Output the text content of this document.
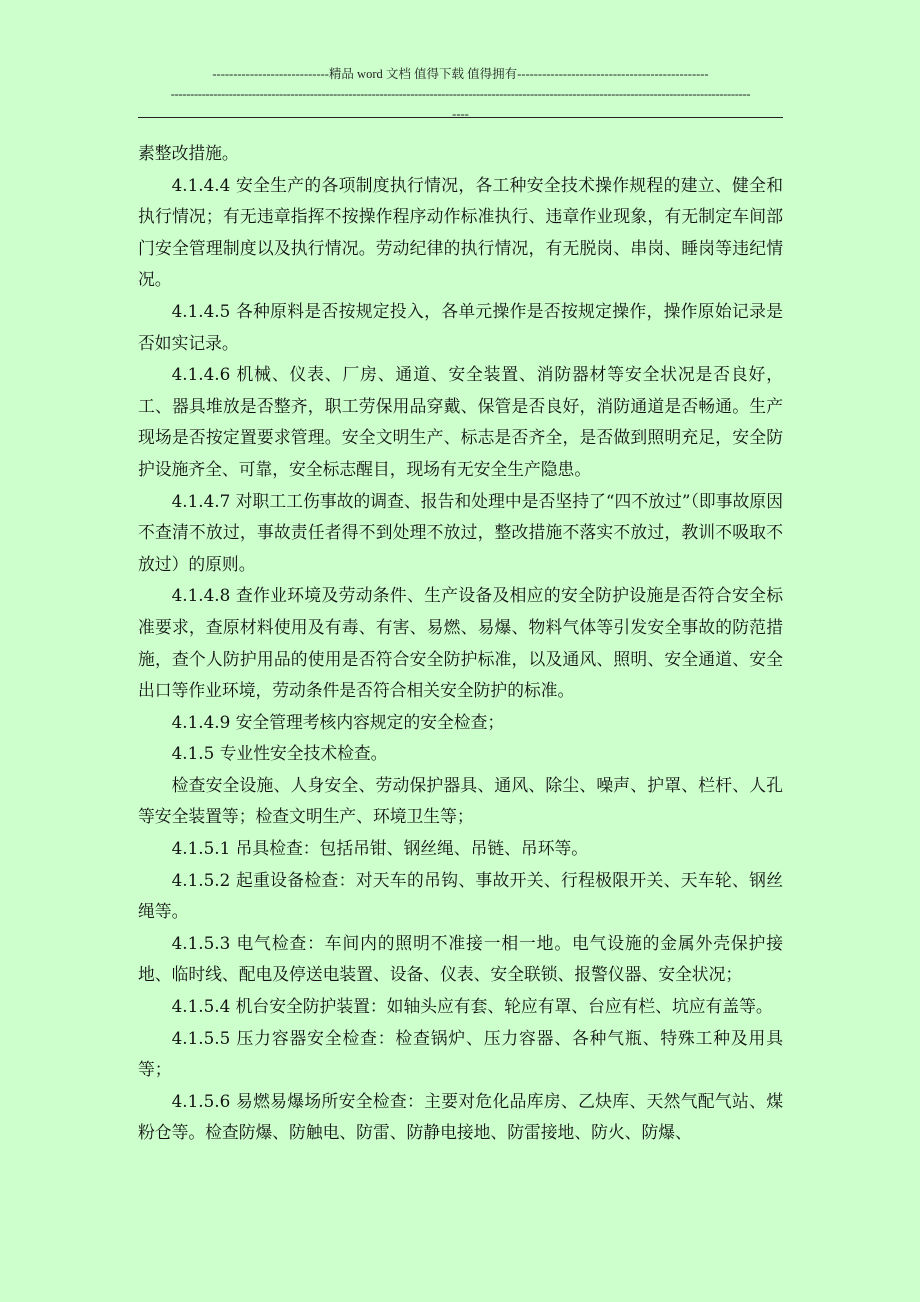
----------------------------精品 word 文档 值得下载 值得拥有----------------------------------------------
------------------------------------------------------------------------------------------------------------------------------------------------------
----

素整改措施。

4.1.4.4 安全生产的各项制度执行情况，各工种安全技术操作规程的建立、健全和执行情况；有无违章指挥不按操作程序动作标准执行、违章作业现象，有无制定车间部门安全管理制度以及执行情况。劳动纪律的执行情况，有无脱岗、串岗、睡岗等违纪情况。

4.1.4.5 各种原料是否按规定投入，各单元操作是否按规定操作，操作原始记录是否如实记录。

4.1.4.6 机械、仪表、厂房、通道、安全装置、消防器材等安全状况是否良好，工、器具堆放是否整齐，职工劳保用品穿戴、保管是否良好，消防通道是否畅通。生产现场是否按定置要求管理。安全文明生产、标志是否齐全，是否做到照明充足，安全防护设施齐全、可靠，安全标志醒目，现场有无安全生产隐患。

4.1.4.7 对职工工伤事故的调查、报告和处理中是否坚持了“四不放过”（即事故原因不查清不放过，事故责任者得不到处理不放过，整改措施不落实不放过，教训不吸取不放过）的原则。

4.1.4.8 查作业环境及劳动条件、生产设备及相应的安全防护设施是否符合安全标准要求，查原材料使用及有毒、有害、易燃、易爆、物料气体等引发安全事故的防范措施，查个人防护用品的使用是否符合安全防护标准，以及通风、照明、安全通道、安全出口等作业环境，劳动条件是否符合相关安全防护的标准。

4.1.4.9 安全管理考核内容规定的安全检查；

4.1.5 专业性安全技术检查。

检查安全设施、人身安全、劳动保护器具、通风、除尘、噪声、护罩、栏杆、人孔等安全装置等；检查文明生产、环境卫生等；

4.1.5.1 吊具检查：包括吊钳、钢丝绳、吊链、吊环等。

4.1.5.2 起重设备检查：对天车的吊钩、事故开关、行程极限开关、天车轮、钢丝绳等。

4.1.5.3 电气检查：车间内的照明不准接一相一地。电气设施的金属外壳保护接地、临时线、配电及停送电装置、设备、仪表、安全联锁、报警仪器、安全状况；

4.1.5.4 机台安全防护装置：如轴头应有套、轮应有罩、台应有栏、坑应有盖等。

4.1.5.5 压力容器安全检查：检查锅炉、压力容器、各种气瓶、特殊工种及用具等；

4.1.5.6 易燃易爆场所安全检查：主要对危化品库房、乙炔库、天然气配气站、煤粉仓等。检查防爆、防触电、防雷、防静电接地、防雷接地、防火、防爆、
